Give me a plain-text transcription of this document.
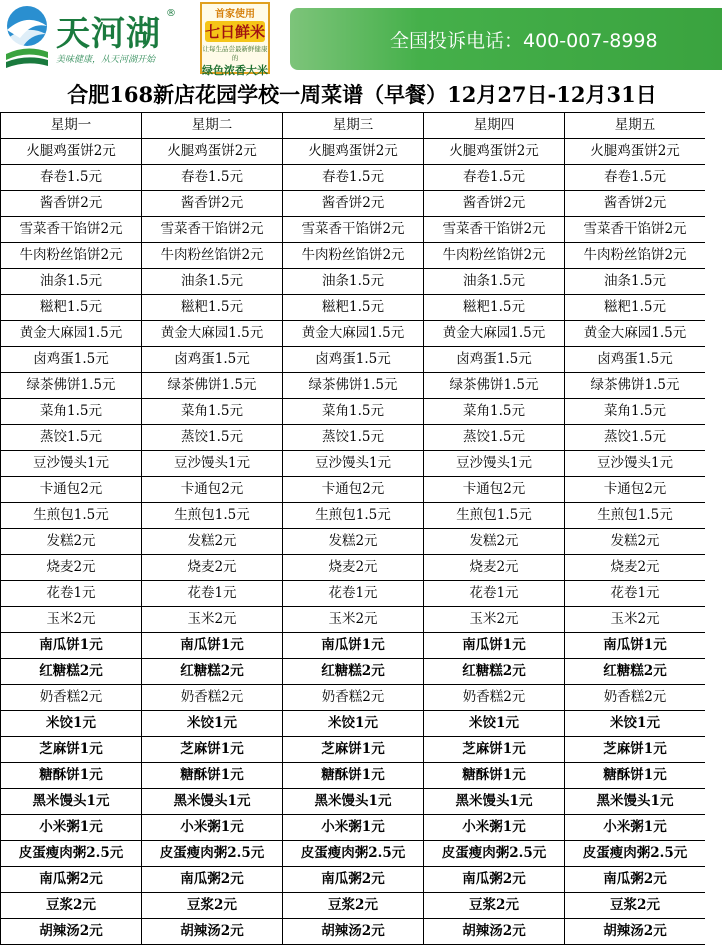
天河湖
®
美味健康，从天河湖开始
首家使用
七日鲜米
让每生品尝最新鲜健康的
绿色浓香大米
全国投诉电话：400-007-8998
合肥168新店花园学校一周菜谱（早餐）12月27日-12月31日
星期一	星期二	星期三	星期四	星期五
火腿鸡蛋饼2元	火腿鸡蛋饼2元	火腿鸡蛋饼2元	火腿鸡蛋饼2元	火腿鸡蛋饼2元
春卷1.5元	春卷1.5元	春卷1.5元	春卷1.5元	春卷1.5元
酱香饼2元	酱香饼2元	酱香饼2元	酱香饼2元	酱香饼2元
雪菜香干馅饼2元	雪菜香干馅饼2元	雪菜香干馅饼2元	雪菜香干馅饼2元	雪菜香干馅饼2元
牛肉粉丝馅饼2元	牛肉粉丝馅饼2元	牛肉粉丝馅饼2元	牛肉粉丝馅饼2元	牛肉粉丝馅饼2元
油条1.5元	油条1.5元	油条1.5元	油条1.5元	油条1.5元
糍粑1.5元	糍粑1.5元	糍粑1.5元	糍粑1.5元	糍粑1.5元
黄金大麻园1.5元	黄金大麻园1.5元	黄金大麻园1.5元	黄金大麻园1.5元	黄金大麻园1.5元
卤鸡蛋1.5元	卤鸡蛋1.5元	卤鸡蛋1.5元	卤鸡蛋1.5元	卤鸡蛋1.5元
绿茶佛饼1.5元	绿茶佛饼1.5元	绿茶佛饼1.5元	绿茶佛饼1.5元	绿茶佛饼1.5元
菜角1.5元	菜角1.5元	菜角1.5元	菜角1.5元	菜角1.5元
蒸饺1.5元	蒸饺1.5元	蒸饺1.5元	蒸饺1.5元	蒸饺1.5元
豆沙馒头1元	豆沙馒头1元	豆沙馒头1元	豆沙馒头1元	豆沙馒头1元
卡通包2元	卡通包2元	卡通包2元	卡通包2元	卡通包2元
生煎包1.5元	生煎包1.5元	生煎包1.5元	生煎包1.5元	生煎包1.5元
发糕2元	发糕2元	发糕2元	发糕2元	发糕2元
烧麦2元	烧麦2元	烧麦2元	烧麦2元	烧麦2元
花卷1元	花卷1元	花卷1元	花卷1元	花卷1元
玉米2元	玉米2元	玉米2元	玉米2元	玉米2元
南瓜饼1元	南瓜饼1元	南瓜饼1元	南瓜饼1元	南瓜饼1元
红糖糕2元	红糖糕2元	红糖糕2元	红糖糕2元	红糖糕2元
奶香糕2元	奶香糕2元	奶香糕2元	奶香糕2元	奶香糕2元
米饺1元	米饺1元	米饺1元	米饺1元	米饺1元
芝麻饼1元	芝麻饼1元	芝麻饼1元	芝麻饼1元	芝麻饼1元
糖酥饼1元	糖酥饼1元	糖酥饼1元	糖酥饼1元	糖酥饼1元
黑米馒头1元	黑米馒头1元	黑米馒头1元	黑米馒头1元	黑米馒头1元
小米粥1元	小米粥1元	小米粥1元	小米粥1元	小米粥1元
皮蛋瘦肉粥2.5元	皮蛋瘦肉粥2.5元	皮蛋瘦肉粥2.5元	皮蛋瘦肉粥2.5元	皮蛋瘦肉粥2.5元
南瓜粥2元	南瓜粥2元	南瓜粥2元	南瓜粥2元	南瓜粥2元
豆浆2元	豆浆2元	豆浆2元	豆浆2元	豆浆2元
胡辣汤2元	胡辣汤2元	胡辣汤2元	胡辣汤2元	胡辣汤2元
